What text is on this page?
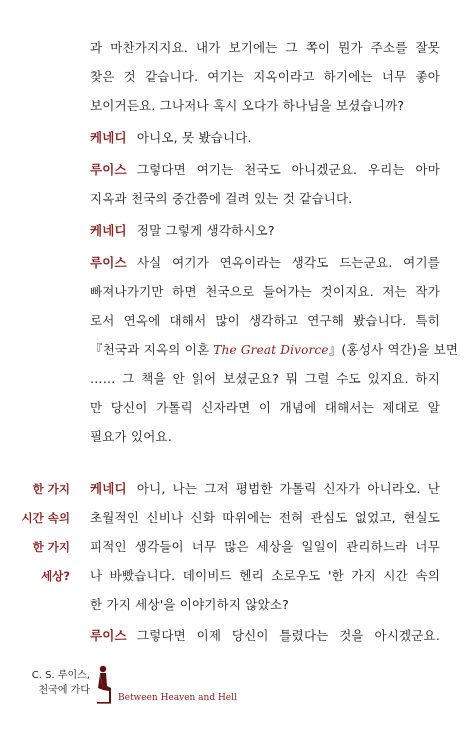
과 마찬가지지요. 내가 보기에는 그 쪽이 뭔가 주소를 잘못
찾은 것 같습니다. 여기는 지옥이라고 하기에는 너무 좋아
보이거든요. 그나저나 혹시 오다가 하나님을 보셨습니까?
케네디 아니오, 못 봤습니다.
루이스 그렇다면 여기는 천국도 아니겠군요. 우리는 아마
지옥과 천국의 중간쯤에 걸려 있는 것 같습니다.
케네디 정말 그렇게 생각하시오?
루이스 사실 여기가 연옥이라는 생각도 드는군요. 여기를
빠져나가기만 하면 천국으로 들어가는 것이지요. 저는 작가
로서 연옥에 대해서 많이 생각하고 연구해 봤습니다. 특히
『천국과 지옥의 이혼 The Great Divorce』(홍성사 역간)을 보면
…… 그 책을 안 읽어 보셨군요? 뭐 그럴 수도 있지요. 하지
만 당신이 가톨릭 신자라면 이 개념에 대해서는 제대로 알
필요가 있어요.
한 가지
시간 속의
한 가지
세상?
케네디 아니, 나는 그저 평범한 가톨릭 신자가 아니라오. 난
초월적인 신비나 신화 따위에는 전혀 관심도 없었고, 현실도
피적인 생각들이 너무 많은 세상을 일일이 관리하느라 너무
나 바빴습니다. 데이비드 헨리 소로우도 '한 가지 시간 속의
한 가지 세상'을 이야기하지 않았소?
루이스 그렇다면 이제 당신이 틀렸다는 것을 아시겠군요.
C. S. 루이스,
천국에 가다
Between Heaven and Hell
